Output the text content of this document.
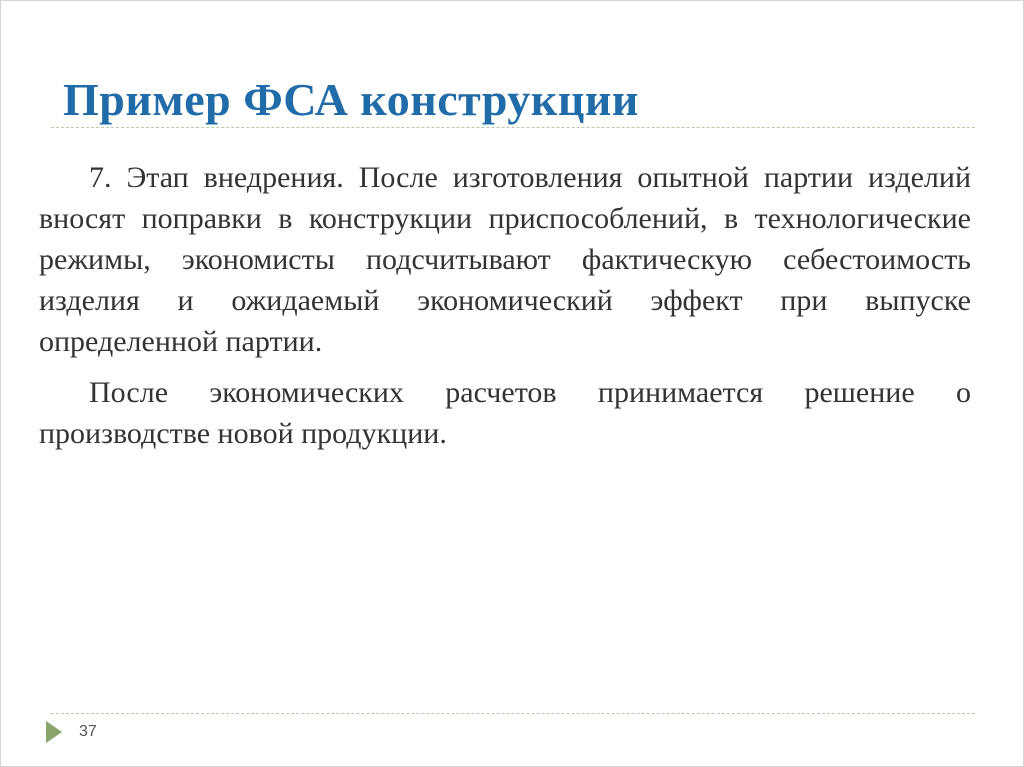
Пример ФСА конструкции

7. Этап внедрения. После изготовления опытной партии изделий вносят поправки в конструкции приспособлений, в технологические режимы, экономисты подсчитывают фактическую себестоимость изделия и ожидаемый экономический эффект при выпуске определенной партии.

После экономических расчетов принимается решение о производстве новой продукции.

37
